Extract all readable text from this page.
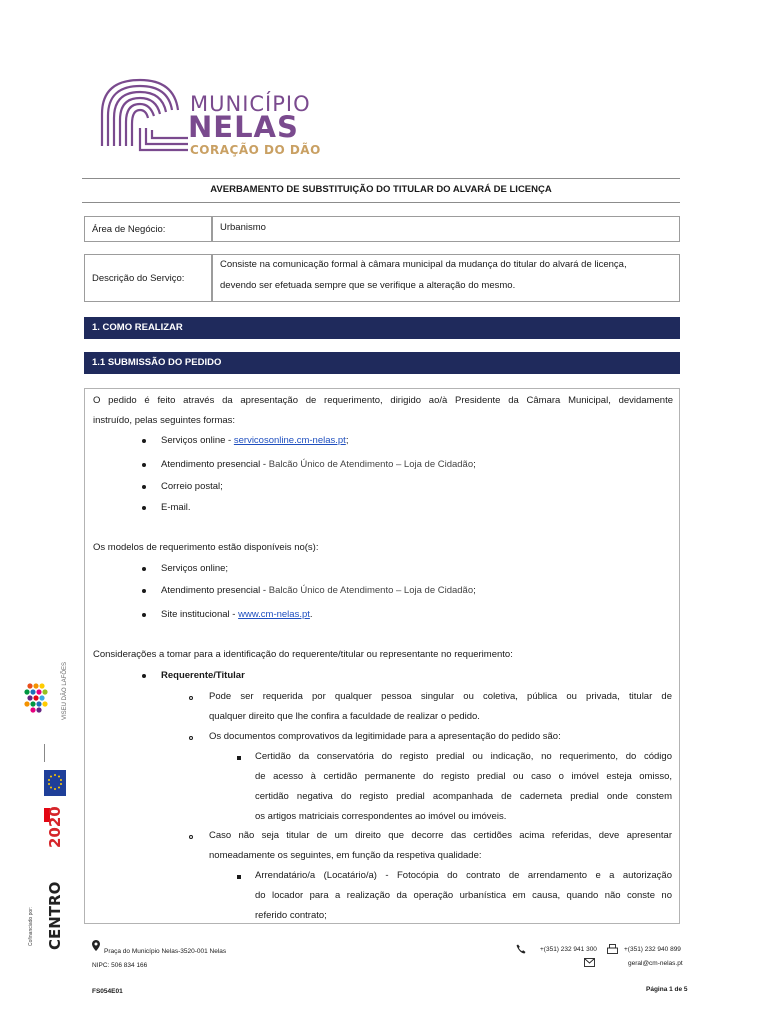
MUNICÍPIO
NELAS
CORAÇÃO DO DÃO
AVERBAMENTO DE SUBSTITUIÇÃO DO TITULAR DO ALVARÁ DE LICENÇA
Área de Negócio:	Urbanismo
Descrição do Serviço:
Consiste na comunicação formal à câmara municipal da mudança do titular do alvará de licença,
devendo ser efetuada sempre que se verifique a alteração do mesmo.
1. COMO REALIZAR
1.1 SUBMISSÃO DO PEDIDO
O pedido é feito através da apresentação de requerimento, dirigido ao/à Presidente da Câmara Municipal, devidamente
instruído, pelas seguintes formas:
Serviços online - servicosonline.cm-nelas.pt;
Atendimento presencial - Balcão Único de Atendimento – Loja de Cidadão;
Correio postal;
E-mail.
Os modelos de requerimento estão disponíveis no(s):
Serviços online;
Atendimento presencial - Balcão Único de Atendimento – Loja de Cidadão;
Site institucional - www.cm-nelas.pt.
Considerações a tomar para a identificação do requerente/titular ou representante no requerimento:
Requerente/Titular
Pode ser requerida por qualquer pessoa singular ou coletiva, pública ou privada, titular de
qualquer direito que lhe confira a faculdade de realizar o pedido.
Os documentos comprovativos da legitimidade para a apresentação do pedido são:
Certidão da conservatória do registo predial ou indicação, no requerimento, do código
de acesso à certidão permanente do registo predial ou caso o imóvel esteja omisso,
certidão negativa do registo predial acompanhada de caderneta predial onde constem
os artigos matriciais correspondentes ao imóvel ou imóveis.
Caso não seja titular de um direito que decorre das certidões acima referidas, deve apresentar
nomeadamente os seguintes, em função da respetiva qualidade:
Arrendatário/a (Locatário/a) - Fotocópia do contrato de arrendamento e a autorização
do locador para a realização da operação urbanística em causa, quando não conste no
referido contrato;
VISEU DÃO LAFÕES
2020
CENTRO
Cofinanciado por:
Praça do Município Nelas-3520-001 Nelas
NIPC: 506 834 166
+(351) 232 941 300	+(351) 232 940 899
geral@cm-nelas.pt
FS054E01	Página 1 de 5
